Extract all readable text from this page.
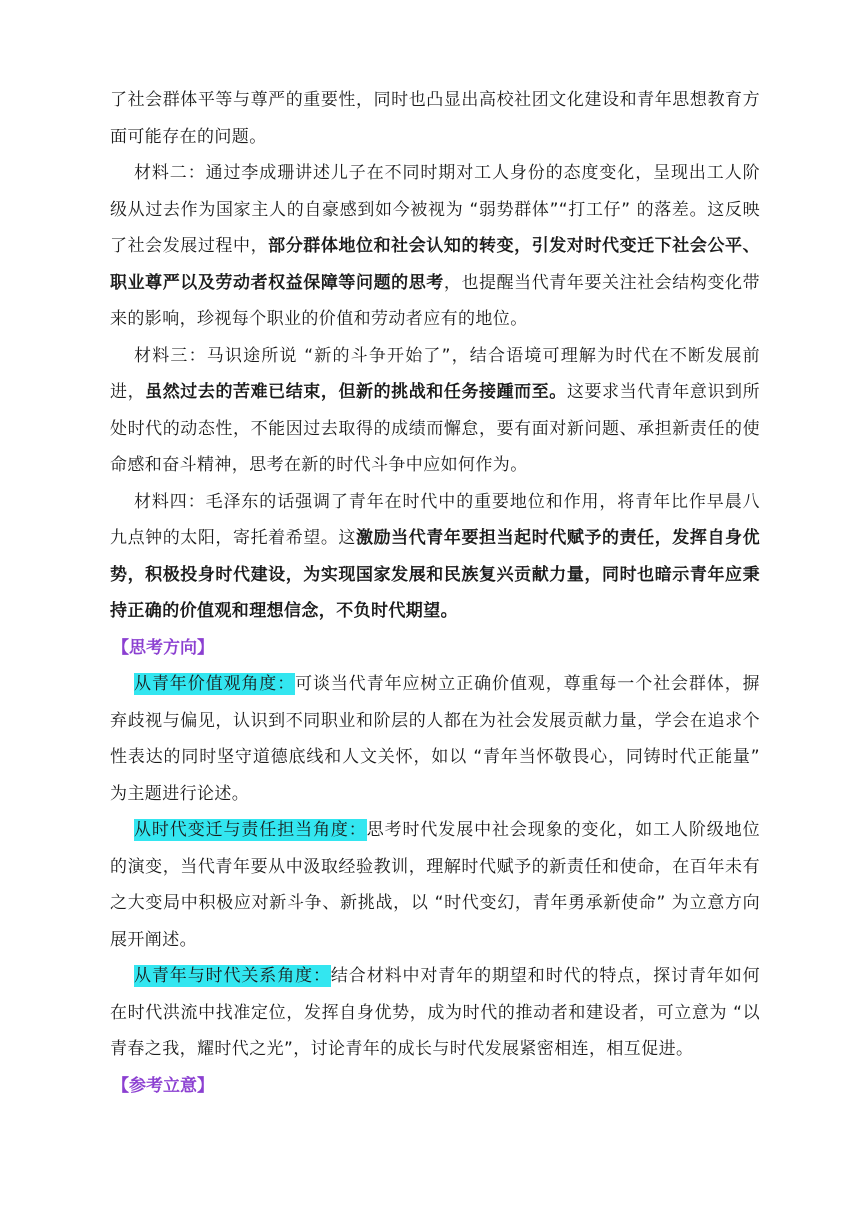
了社会群体平等与尊严的重要性，同时也凸显出高校社团文化建设和青年思想教育方面可能存在的问题。

材料二：通过李成珊讲述儿子在不同时期对工人身份的态度变化，呈现出工人阶级从过去作为国家主人的自豪感到如今被视为 “弱势群体”“打工仔” 的落差。这反映了社会发展过程中，部分群体地位和社会认知的转变，引发对时代变迁下社会公平、职业尊严以及劳动者权益保障等问题的思考，也提醒当代青年要关注社会结构变化带来的影响，珍视每个职业的价值和劳动者应有的地位。

材料三：马识途所说 “新的斗争开始了”，结合语境可理解为时代在不断发展前进，虽然过去的苦难已结束，但新的挑战和任务接踵而至。这要求当代青年意识到所处时代的动态性，不能因过去取得的成绩而懈怠，要有面对新问题、承担新责任的使命感和奋斗精神，思考在新的时代斗争中应如何作为。

材料四：毛泽东的话强调了青年在时代中的重要地位和作用，将青年比作早晨八九点钟的太阳，寄托着希望。这激励当代青年要担当起时代赋予的责任，发挥自身优势，积极投身时代建设，为实现国家发展和民族复兴贡献力量，同时也暗示青年应秉持正确的价值观和理想信念，不负时代期望。

【思考方向】

从青年价值观角度：可谈当代青年应树立正确价值观，尊重每一个社会群体，摒弃歧视与偏见，认识到不同职业和阶层的人都在为社会发展贡献力量，学会在追求个性表达的同时坚守道德底线和人文关怀，如以 “青年当怀敬畏心，同铸时代正能量” 为主题进行论述。

从时代变迁与责任担当角度：思考时代发展中社会现象的变化，如工人阶级地位的演变，当代青年要从中汲取经验教训，理解时代赋予的新责任和使命，在百年未有之大变局中积极应对新斗争、新挑战，以 “时代变幻，青年勇承新使命” 为立意方向展开阐述。

从青年与时代关系角度：结合材料中对青年的期望和时代的特点，探讨青年如何在时代洪流中找准定位，发挥自身优势，成为时代的推动者和建设者，可立意为 “以青春之我，耀时代之光”，讨论青年的成长与时代发展紧密相连，相互促进。

【参考立意】
